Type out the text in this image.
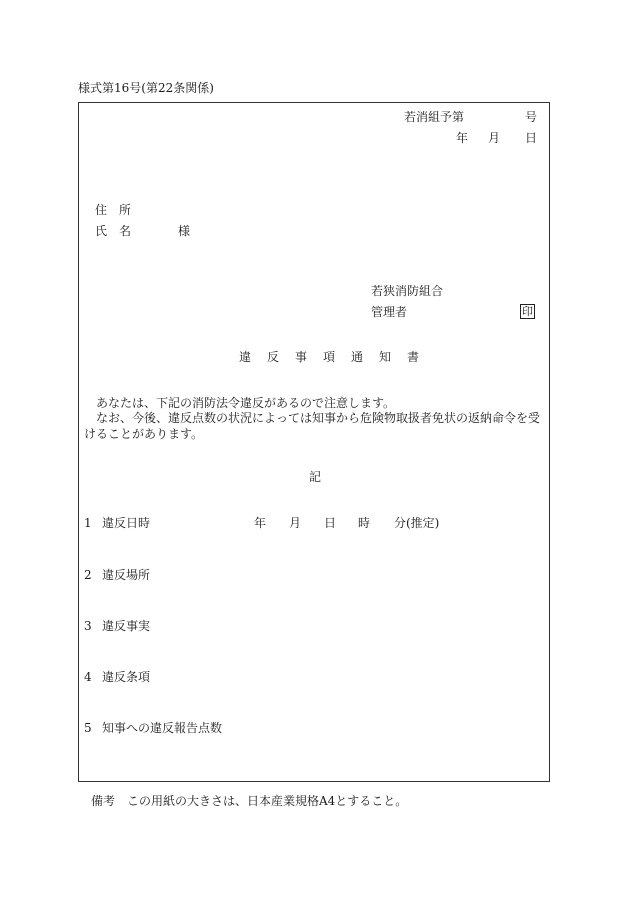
様式第16号(第22条関係)
若消組予第	号
年 月 日
住　所
氏　名	様
若狭消防組合
管理者	印
違 反 事 項 通 知 書
あなたは、下記の消防法令違反があるので注意します。
なお、今後、違反点数の状況によっては知事から危険物取扱者免状の返納命令を受けることがあります。
記
1 違反日時	年 月 日 時 分(推定)
2 違反場所
3 違反事実
4 違反条項
5 知事への違反報告点数
備考　この用紙の大きさは、日本産業規格A4とすること。
